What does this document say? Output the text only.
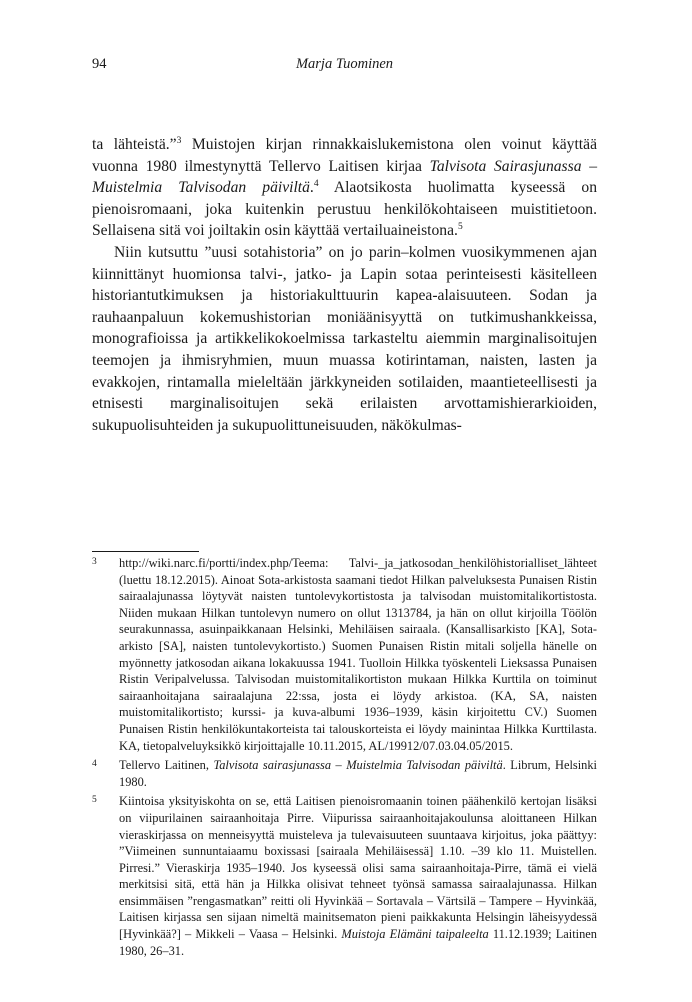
94	Marja Tuominen

ta lähteistä.”$^3$ Muistojen kirjan rinnakkaislukemistona olen voinut käyttää vuonna 1980 ilmestynyttä Tellervo Laitisen kirjaa Talvisota Sairasjunassa – Muistelmia Talvisodan päiviltä.$^4$ Alaotsikosta huolimatta kyseessä on pienoisromaani, joka kuitenkin perustuu henkilökohtaiseen muistitietoon. Sellaisena sitä voi joiltakin osin käyttää vertailuaineistona.$^5$

Niin kutsuttu ”uusi sotahistoria” on jo parin–kolmen vuosikymmenen ajan kiinnittänyt huomionsa talvi-, jatko- ja Lapin sotaa perinteisesti käsitelleen historiantutkimuksen ja historiakulttuurin kapea-alaisuuteen. Sodan ja rauhaanpaluun kokemushistorian moniäänisyyttä on tutkimushankkeissa, monografioissa ja artikkelikokoelmissa tarkasteltu aiemmin marginalisoitujen teemojen ja ihmisryhmien, muun muassa kotirintaman, naisten, lasten ja evakkojen, rintamalla mieleltään järkkyneiden sotilaiden, maantieteellisesti ja etnisesti marginalisoitujen sekä erilaisten arvottamishierarkioiden, sukupuolisuhteiden ja sukupuolittuneisuuden, näkökulmas-

3	http://wiki.narc.fi/portti/index.php/Teema: Talvi-_ja_jatkosodan_henkilöhistorialliset_lähteet
(luettu 18.12.2015). Ainoat Sota-arkistosta saamani tiedot Hilkan palveluksesta Punaisen Ristin sairaalajunassa löytyvät naisten tuntolevykortistosta ja talvisodan muistomitalikortistosta. Niiden mukaan Hilkan tuntolevyn numero on ollut 1313784, ja hän on ollut kirjoilla Töölön seurakunnassa, asuinpaikkanaan Helsinki, Mehiläisen sairaala. (Kansallisarkisto [KA], Sota-arkisto [SA], naisten tuntolevykortisto.) Suomen Punaisen Ristin mitali soljella hänelle on myönnetty jatkosodan aikana lokakuussa 1941. Tuolloin Hilkka työskenteli Lieksassa Punaisen Ristin Veripalvelussa. Talvisodan muistomitalikortiston mukaan Hilkka Kurttila on toiminut sairaanhoitajana sairaalajuna 22:ssa, josta ei löydy arkistoa. (KA, SA, naisten muistomitalikortisto; kurssi- ja kuva-albumi 1936–1939, käsin kirjoitettu CV.) Suomen Punaisen Ristin henkilökuntakorteista tai talouskorteista ei löydy mainintaa Hilkka Kurttilasta. KA, tietopalveluyksikkö kirjoittajalle 10.11.2015, AL/19912/07.03.04.05/2015.
4	Tellervo Laitinen, Talvisota sairasjunassa – Muistelmia Talvisodan päiviltä. Librum, Helsinki 1980.
5	Kiintoisa yksityiskohta on se, että Laitisen pienoisromaanin toinen päähenkilö kertojan lisäksi on viipurilainen sairaanhoitaja Pirre. Viipurissa sairaanhoitajakoulunsa aloittaneen Hilkan vieraskirjassa on menneisyyttä muisteleva ja tulevaisuuteen suuntaava kirjoitus, joka päättyy: ”Viimeinen sunnuntaiaamu boxissasi [sairaala Mehiläisessä] 1.10. –39 klo 11. Muistellen. Pirresi.” Vieraskirja 1935–1940. Jos kyseessä olisi sama sairaanhoitaja-Pirre, tämä ei vielä merkitsisi sitä, että hän ja Hilkka olisivat tehneet työnsä samassa sairaalajunassa. Hilkan ensimmäisen ”rengasmatkan” reitti oli Hyvinkää – Sortavala – Värtsilä – Tampere – Hyvinkää, Laitisen kirjassa sen sijaan nimeltä mainitsematon pieni paikkakunta Helsingin läheisyydessä [Hyvinkää?] – Mikkeli – Vaasa – Helsinki. Muistoja Elämäni taipaleelta 11.12.1939; Laitinen 1980, 26–31.
